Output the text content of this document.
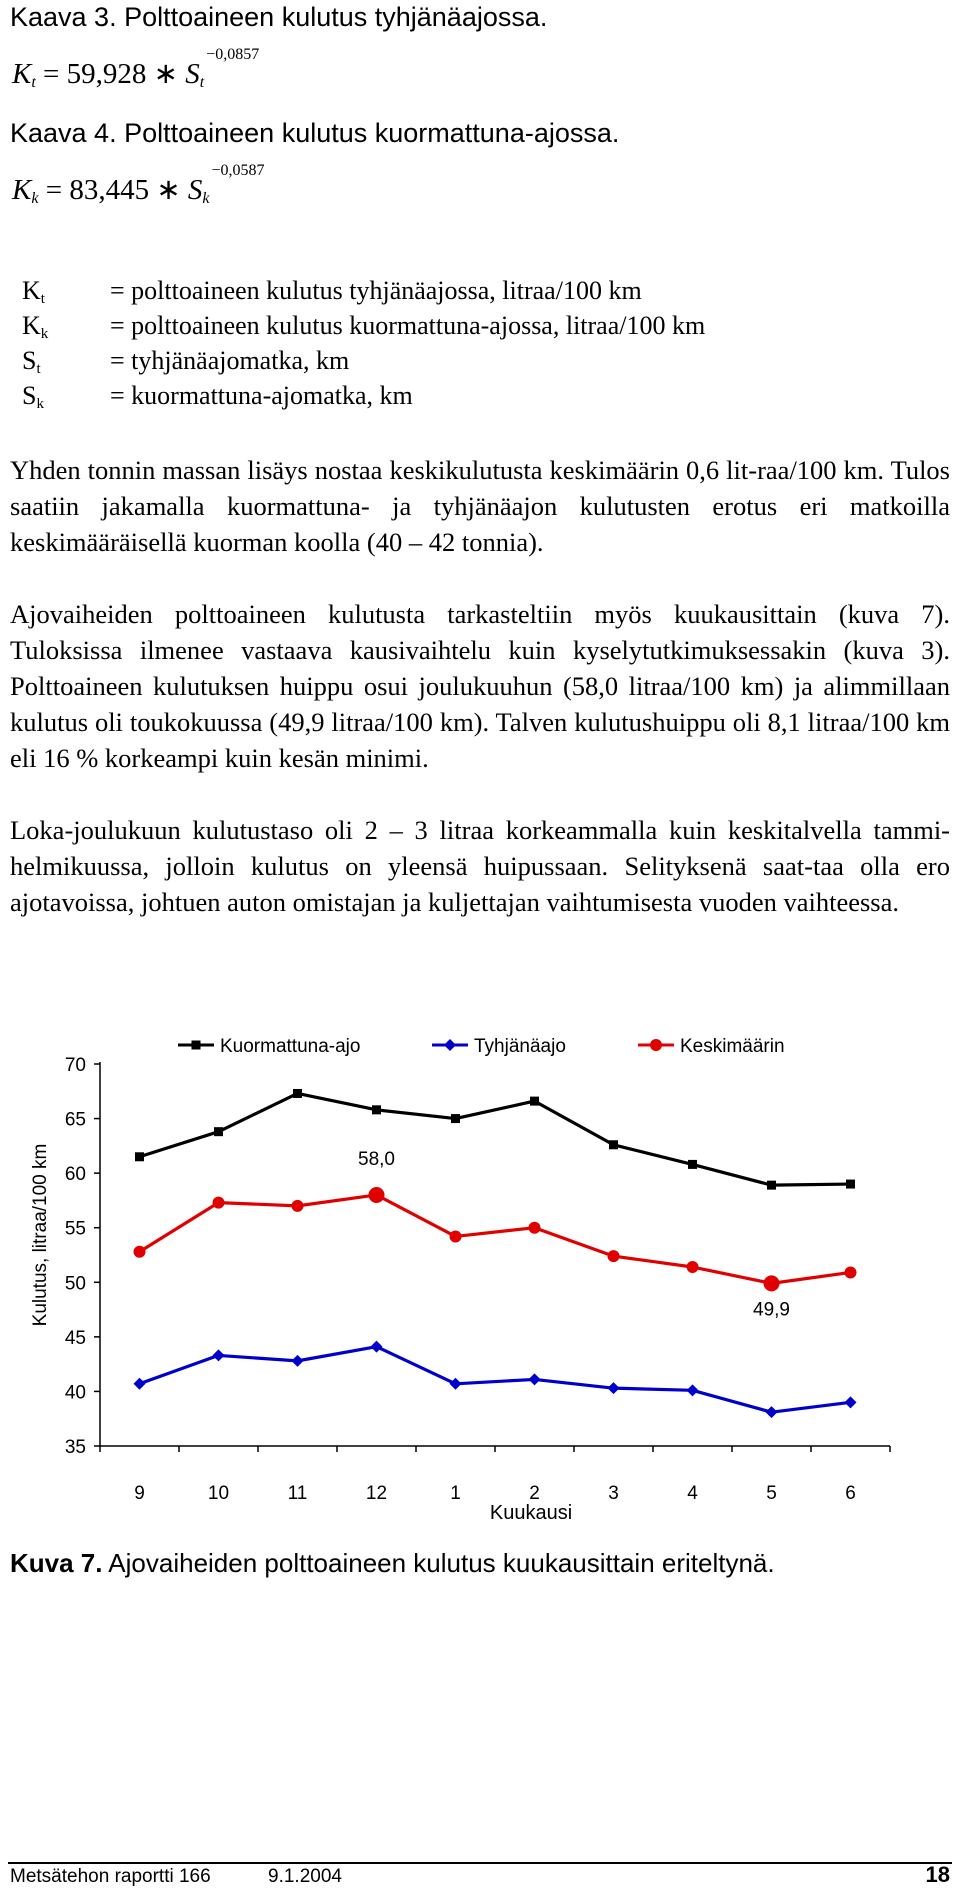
Kaava 3. Polttoaineen kulutus tyhjänäajossa.
$K_t = 59,928$ ∗ $S_t^{-0,0857}$
Kaava 4. Polttoaineen kulutus kuormattuna-ajossa.
$K_k = 83,445$ ∗ $S_k^{-0,0587}$
$K_t$	= polttoaineen kulutus tyhjänäajossa, litraa/100 km
$K_k$ = polttoaineen kulutus kuormattuna-ajossa, litraa/100 km
$S_t$	= tyhjänäajomatka, km
$S_k$	= kuormattuna-ajomatka, km

Yhden tonnin massan lisäys nostaa keskikulutusta keskimäärin 0,6 lit-raa/100 km. Tulos saatiin jakamalla kuormattuna- ja tyhjänäajon kulutusten erotus eri matkoilla keskimääräisellä kuorman koolla (40 – 42 tonnia).

Ajovaiheiden polttoaineen kulutusta tarkasteltiin myös kuukausittain (kuva 7). Tuloksissa ilmenee vastaava kausivaihtelu kuin kyselytutkimuksessakin (kuva 3). Polttoaineen kulutuksen huippu osui joulukuuhun (58,0 litraa/100 km) ja alimmillaan kulutus oli toukokuussa (49,9 litraa/100 km). Talven kulutushuippu oli 8,1 litraa/100 km eli 16 % korkeampi kuin kesän minimi.

Loka-joulukuun kulutustaso oli 2 – 3 litraa korkeammalla kuin keskitalvella tammi-helmikuussa, jolloin kulutus on yleensä huipussaan. Selityksenä saat-taa olla ero ajotavoissa, johtuen auton omistajan ja kuljettajan vaihtumisesta vuoden vaihteessa.

Kuormattuna-ajo	Tyhjänäajo	Keskimäärin
70
65
60
55
50
45
40
35
9	10	11	12	1	2	3	4	5	6
58,0
49,9
Kulutus, litraa/100 km
Kuukausi
Kuva 7. Ajovaiheiden polttoaineen kulutus kuukausittain eriteltynä.
Metsätehon raportti 166	9.1.2004	18
